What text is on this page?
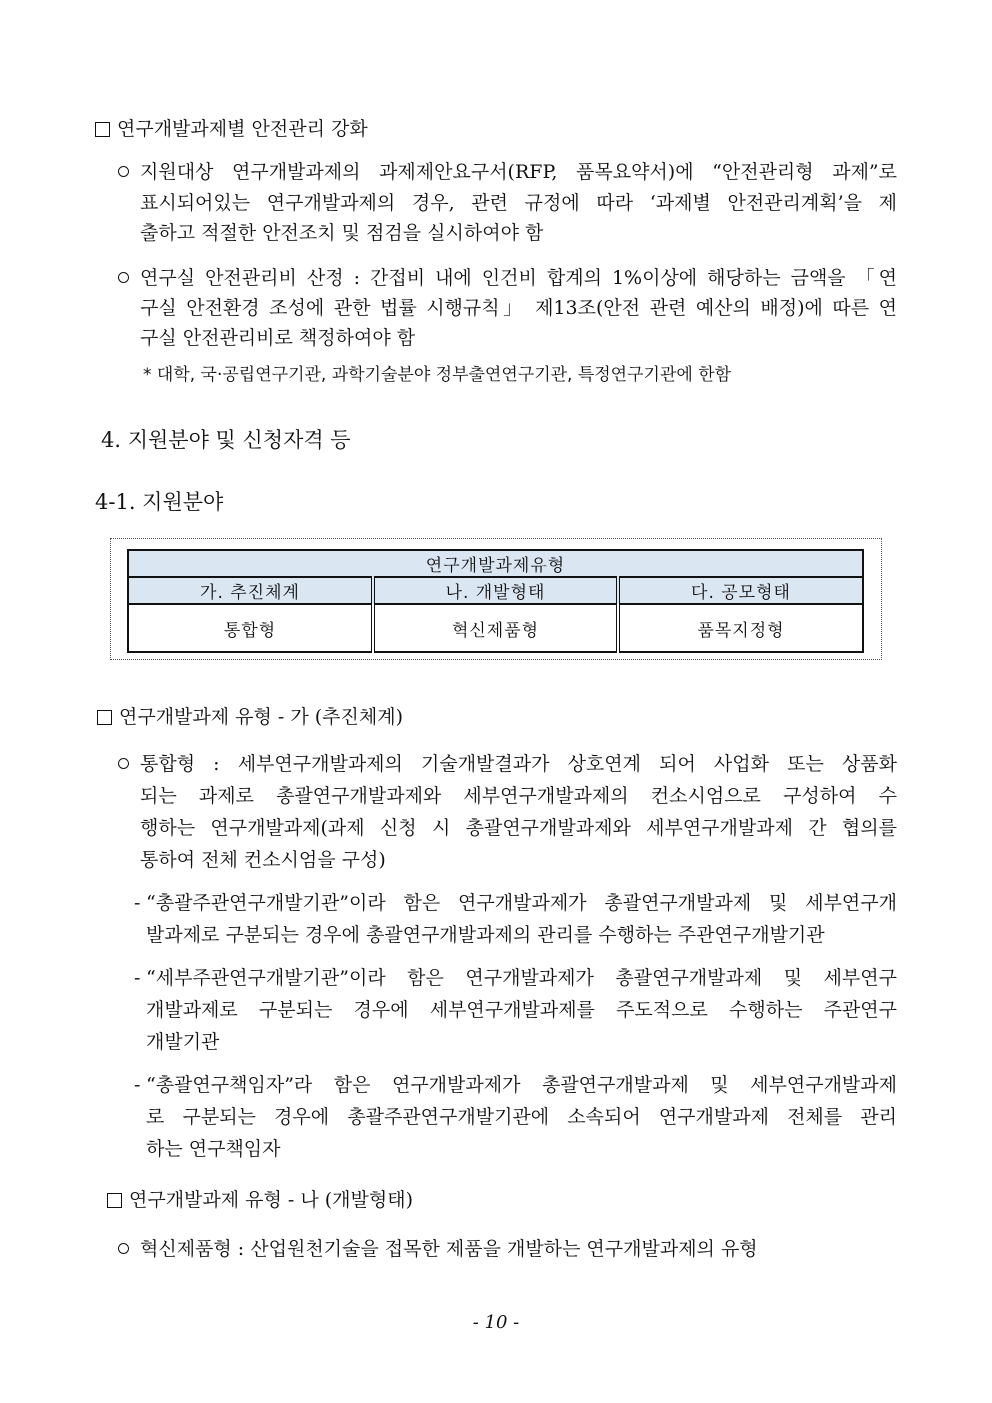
연구개발과제별 안전관리 강화
지원대상 연구개발과제의 과제제안요구서(RFP, 품목요약서)에 “안전관리형 과제”로
표시되어있는 연구개발과제의 경우, 관련 규정에 따라 ‘과제별 안전관리계획’을 제
출하고 적절한 안전조치 및 점검을 실시하여야 함
연구실 안전관리비 산정 : 간접비 내에 인건비 합계의 1%이상에 해당하는 금액을 「연
구실 안전환경 조성에 관한 법률 시행규칙」 제13조(안전 관련 예산의 배정)에 따른 연
구실 안전관리비로 책정하여야 함
* 대학, 국·공립연구기관, 과학기술분야 정부출연연구기관, 특정연구기관에 한함
4. 지원분야 및 신청자격 등
4-1. 지원분야
연구개발과제유형		
가. 추진체계	나. 개발형태	다. 공모형태
통합형	혁신제품형	품목지정형
연구개발과제 유형 - 가 (추진체계)
통합형 : 세부연구개발과제의 기술개발결과가 상호연계 되어 사업화 또는 상품화
되는 과제로 총괄연구개발과제와 세부연구개발과제의 컨소시엄으로 구성하여 수
행하는 연구개발과제(과제 신청 시 총괄연구개발과제와 세부연구개발과제 간 협의를
통하여 전체 컨소시엄을 구성)
- “총괄주관연구개발기관”이라 함은 연구개발과제가 총괄연구개발과제 및 세부연구개
발과제로 구분되는 경우에 총괄연구개발과제의 관리를 수행하는 주관연구개발기관
- “세부주관연구개발기관”이라 함은 연구개발과제가 총괄연구개발과제 및 세부연구
개발과제로 구분되는 경우에 세부연구개발과제를 주도적으로 수행하는 주관연구
개발기관
- “총괄연구책임자”라 함은 연구개발과제가 총괄연구개발과제 및 세부연구개발과제
로 구분되는 경우에 총괄주관연구개발기관에 소속되어 연구개발과제 전체를 관리
하는 연구책임자
연구개발과제 유형 - 나 (개발형태)
혁신제품형 : 산업원천기술을 접목한 제품을 개발하는 연구개발과제의 유형
- 10 -
